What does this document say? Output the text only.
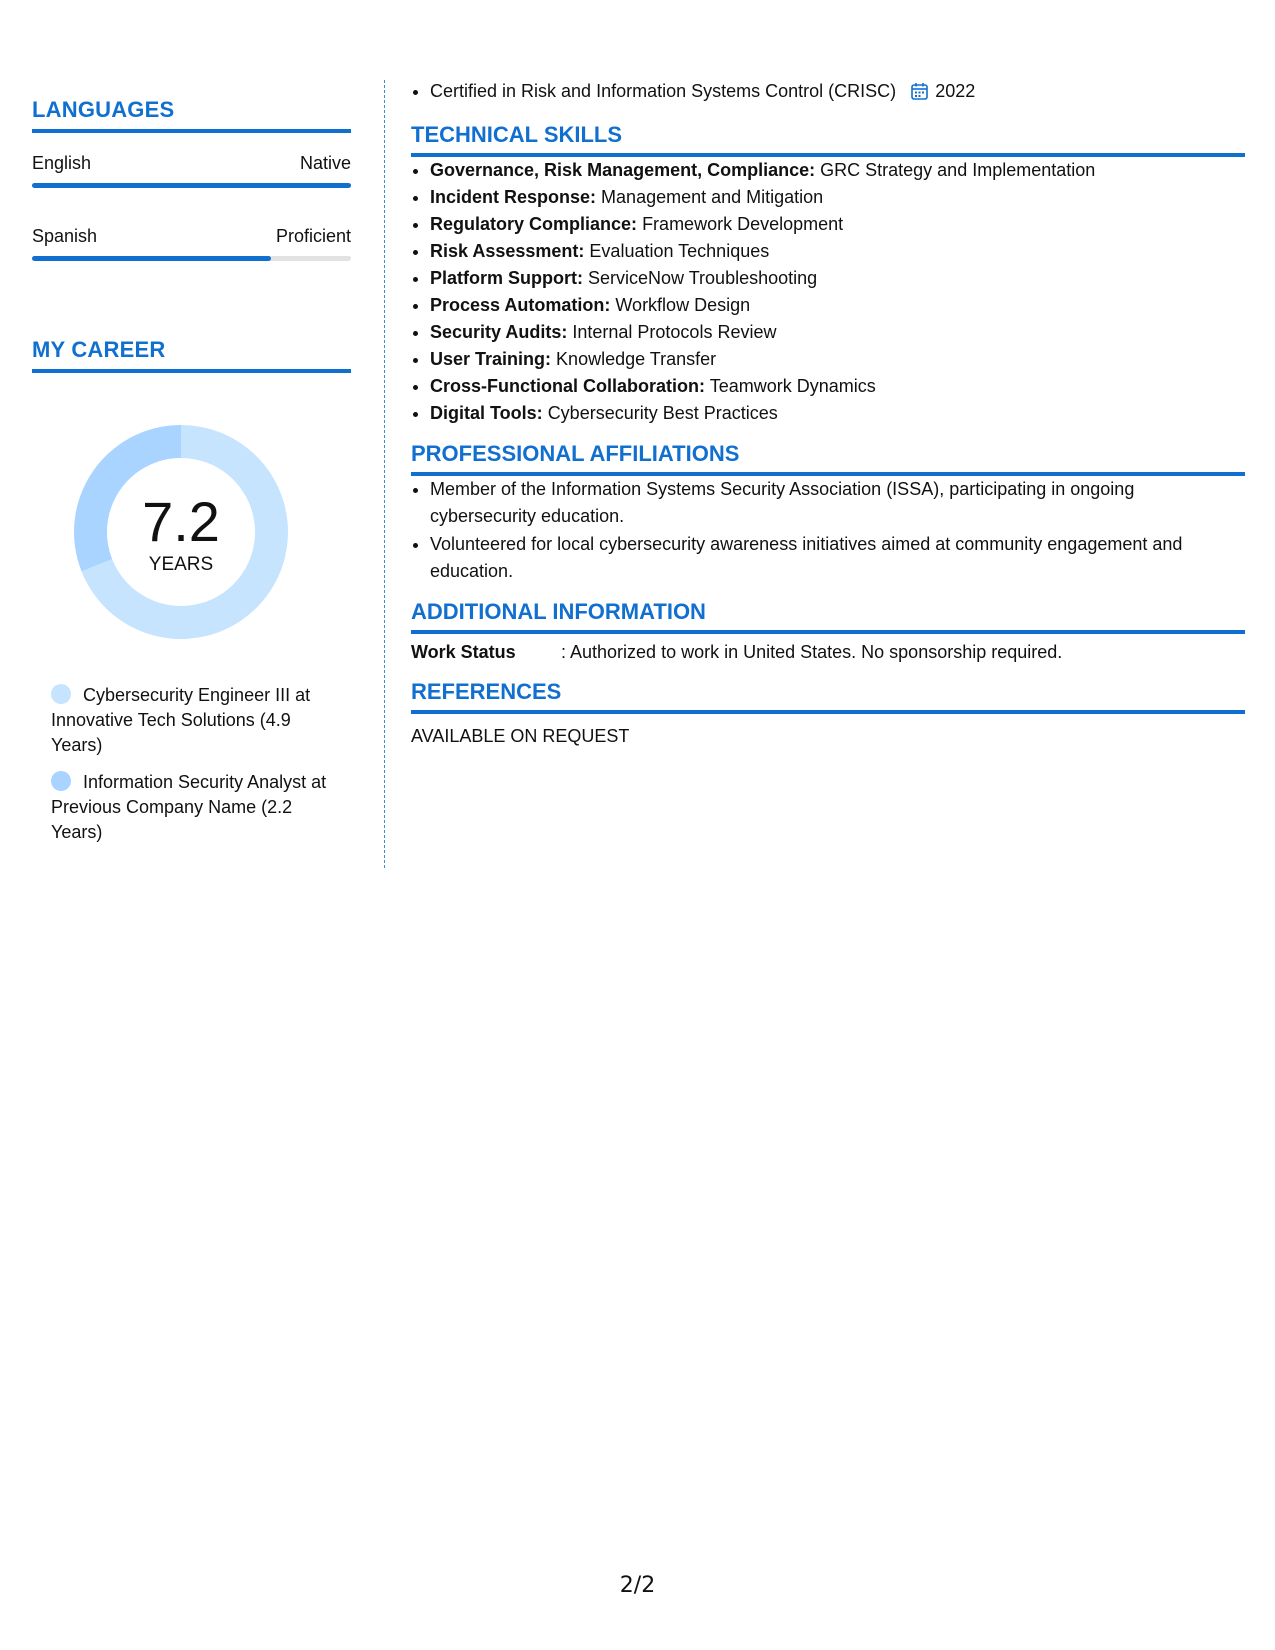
LANGUAGES
English	Native
Spanish	Proficient
MY CAREER
7.2
YEARS
Cybersecurity Engineer III at Innovative Tech Solutions (4.9 Years)
Information Security Analyst at Previous Company Name (2.2 Years)
• Certified in Risk and Information Systems Control (CRISC) 2022
TECHNICAL SKILLS
• Governance, Risk Management, Compliance: GRC Strategy and Implementation
• Incident Response: Management and Mitigation
• Regulatory Compliance: Framework Development
• Risk Assessment: Evaluation Techniques
• Platform Support: ServiceNow Troubleshooting
• Process Automation: Workflow Design
• Security Audits: Internal Protocols Review
• User Training: Knowledge Transfer
• Cross-Functional Collaboration: Teamwork Dynamics
• Digital Tools: Cybersecurity Best Practices
PROFESSIONAL AFFILIATIONS
• Member of the Information Systems Security Association (ISSA), participating in ongoing cybersecurity education.
• Volunteered for local cybersecurity awareness initiatives aimed at community engagement and education.
ADDITIONAL INFORMATION
Work Status	: Authorized to work in United States. No sponsorship required.
REFERENCES
AVAILABLE ON REQUEST
2/2
